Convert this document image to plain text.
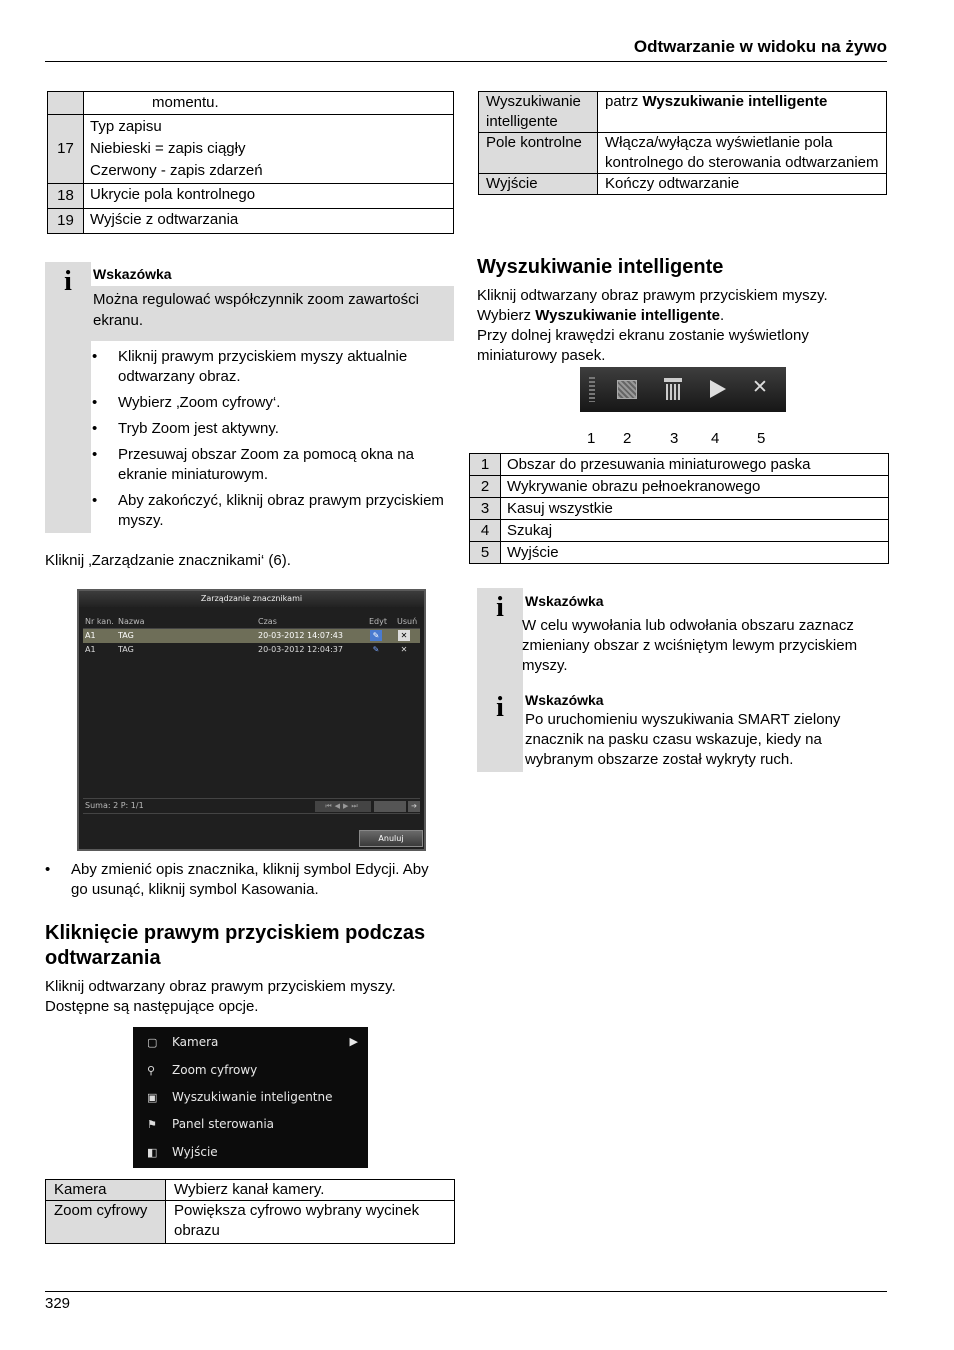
Odtwarzanie w widoku na żywo
329
	momentu.
17	Typ zapisu
Niebieski = zapis ciągły
Czerwony - zapis zdarzeń

18	Ukrycie pola kontrolnego
19	Wyjście z odtwarzania
i	Wskazówka
Można regulować współczynnik zoom zawartości ekranu.
• Kliknij prawym przyciskiem myszy aktualnie odtwarzany obraz.
• Wybierz ‚Zoom cyfrowy‘.
• Tryb Zoom jest aktywny.
• Przesuwaj obszar Zoom za pomocą okna na ekranie miniaturowym.
• Aby zakończyć, kliknij obraz prawym przyciskiem myszy.

Kliknij ‚Zarządzanie znacznikami‘ (6).

Zarządzanie znacznikami
Nr kan. Nazwa	Czas	Edyt Usuń
A1	TAG	20-03-2012 14:07:43	✎	✕
A1	TAG	20-03-2012 12:04:37	✎	✕
Suma: 2 P: 1/1	⏮◀▶⏭	➔
Anuluj
• Aby zmienić opis znacznika, kliknij symbol Edycji. Aby go usunąć, kliknij symbol Kasowania.
Kliknięcie prawym przyciskiem podczas odtwarzania

Kliknij odtwarzany obraz prawym przyciskiem myszy. Dostępne są następujące opcje.

▢ Kamera	▶
⚲	Zoom cyfrowy
▣ Wyszukiwanie inteligentne
⚑ Panel sterowania
◧ Wyjście
Kamera	Wybierz kanał kamery.
Zoom cyfrowy	Powiększa cyfrowo wybrany wycinek obrazu
Wyszukiwanie intelligente	patrz Wyszukiwanie intelligente
Pole kontrolne	Włącza/wyłącza wyświetlanie pola kontrolnego do sterowania odtwarzaniem
Wyjście	Kończy odtwarzanie
Wyszukiwanie intelligente
Kliknij odtwarzany obraz prawym przyciskiem myszy.
Wybierz Wyszukiwanie intelligente.
Przy dolnej krawędzi ekranu zostanie wyświetlony miniaturowy pasek.
✕
1 2	3 4	5
1	Obszar do przesuwania miniaturowego paska
2	Wykrywanie obrazu pełnoekranowego
3	Kasuj wszystkie
4	Szukaj
5	Wyjście
i	Wskazówka
W celu wywołania lub odwołania obszaru zaznacz zmieniany obszar z wciśniętym lewym przyciskiem myszy.
i	Wskazówka
Po uruchomieniu wyszukiwania SMART zielony znacznik na pasku czasu wskazuje, kiedy na wybranym obszarze został wykryty ruch.
